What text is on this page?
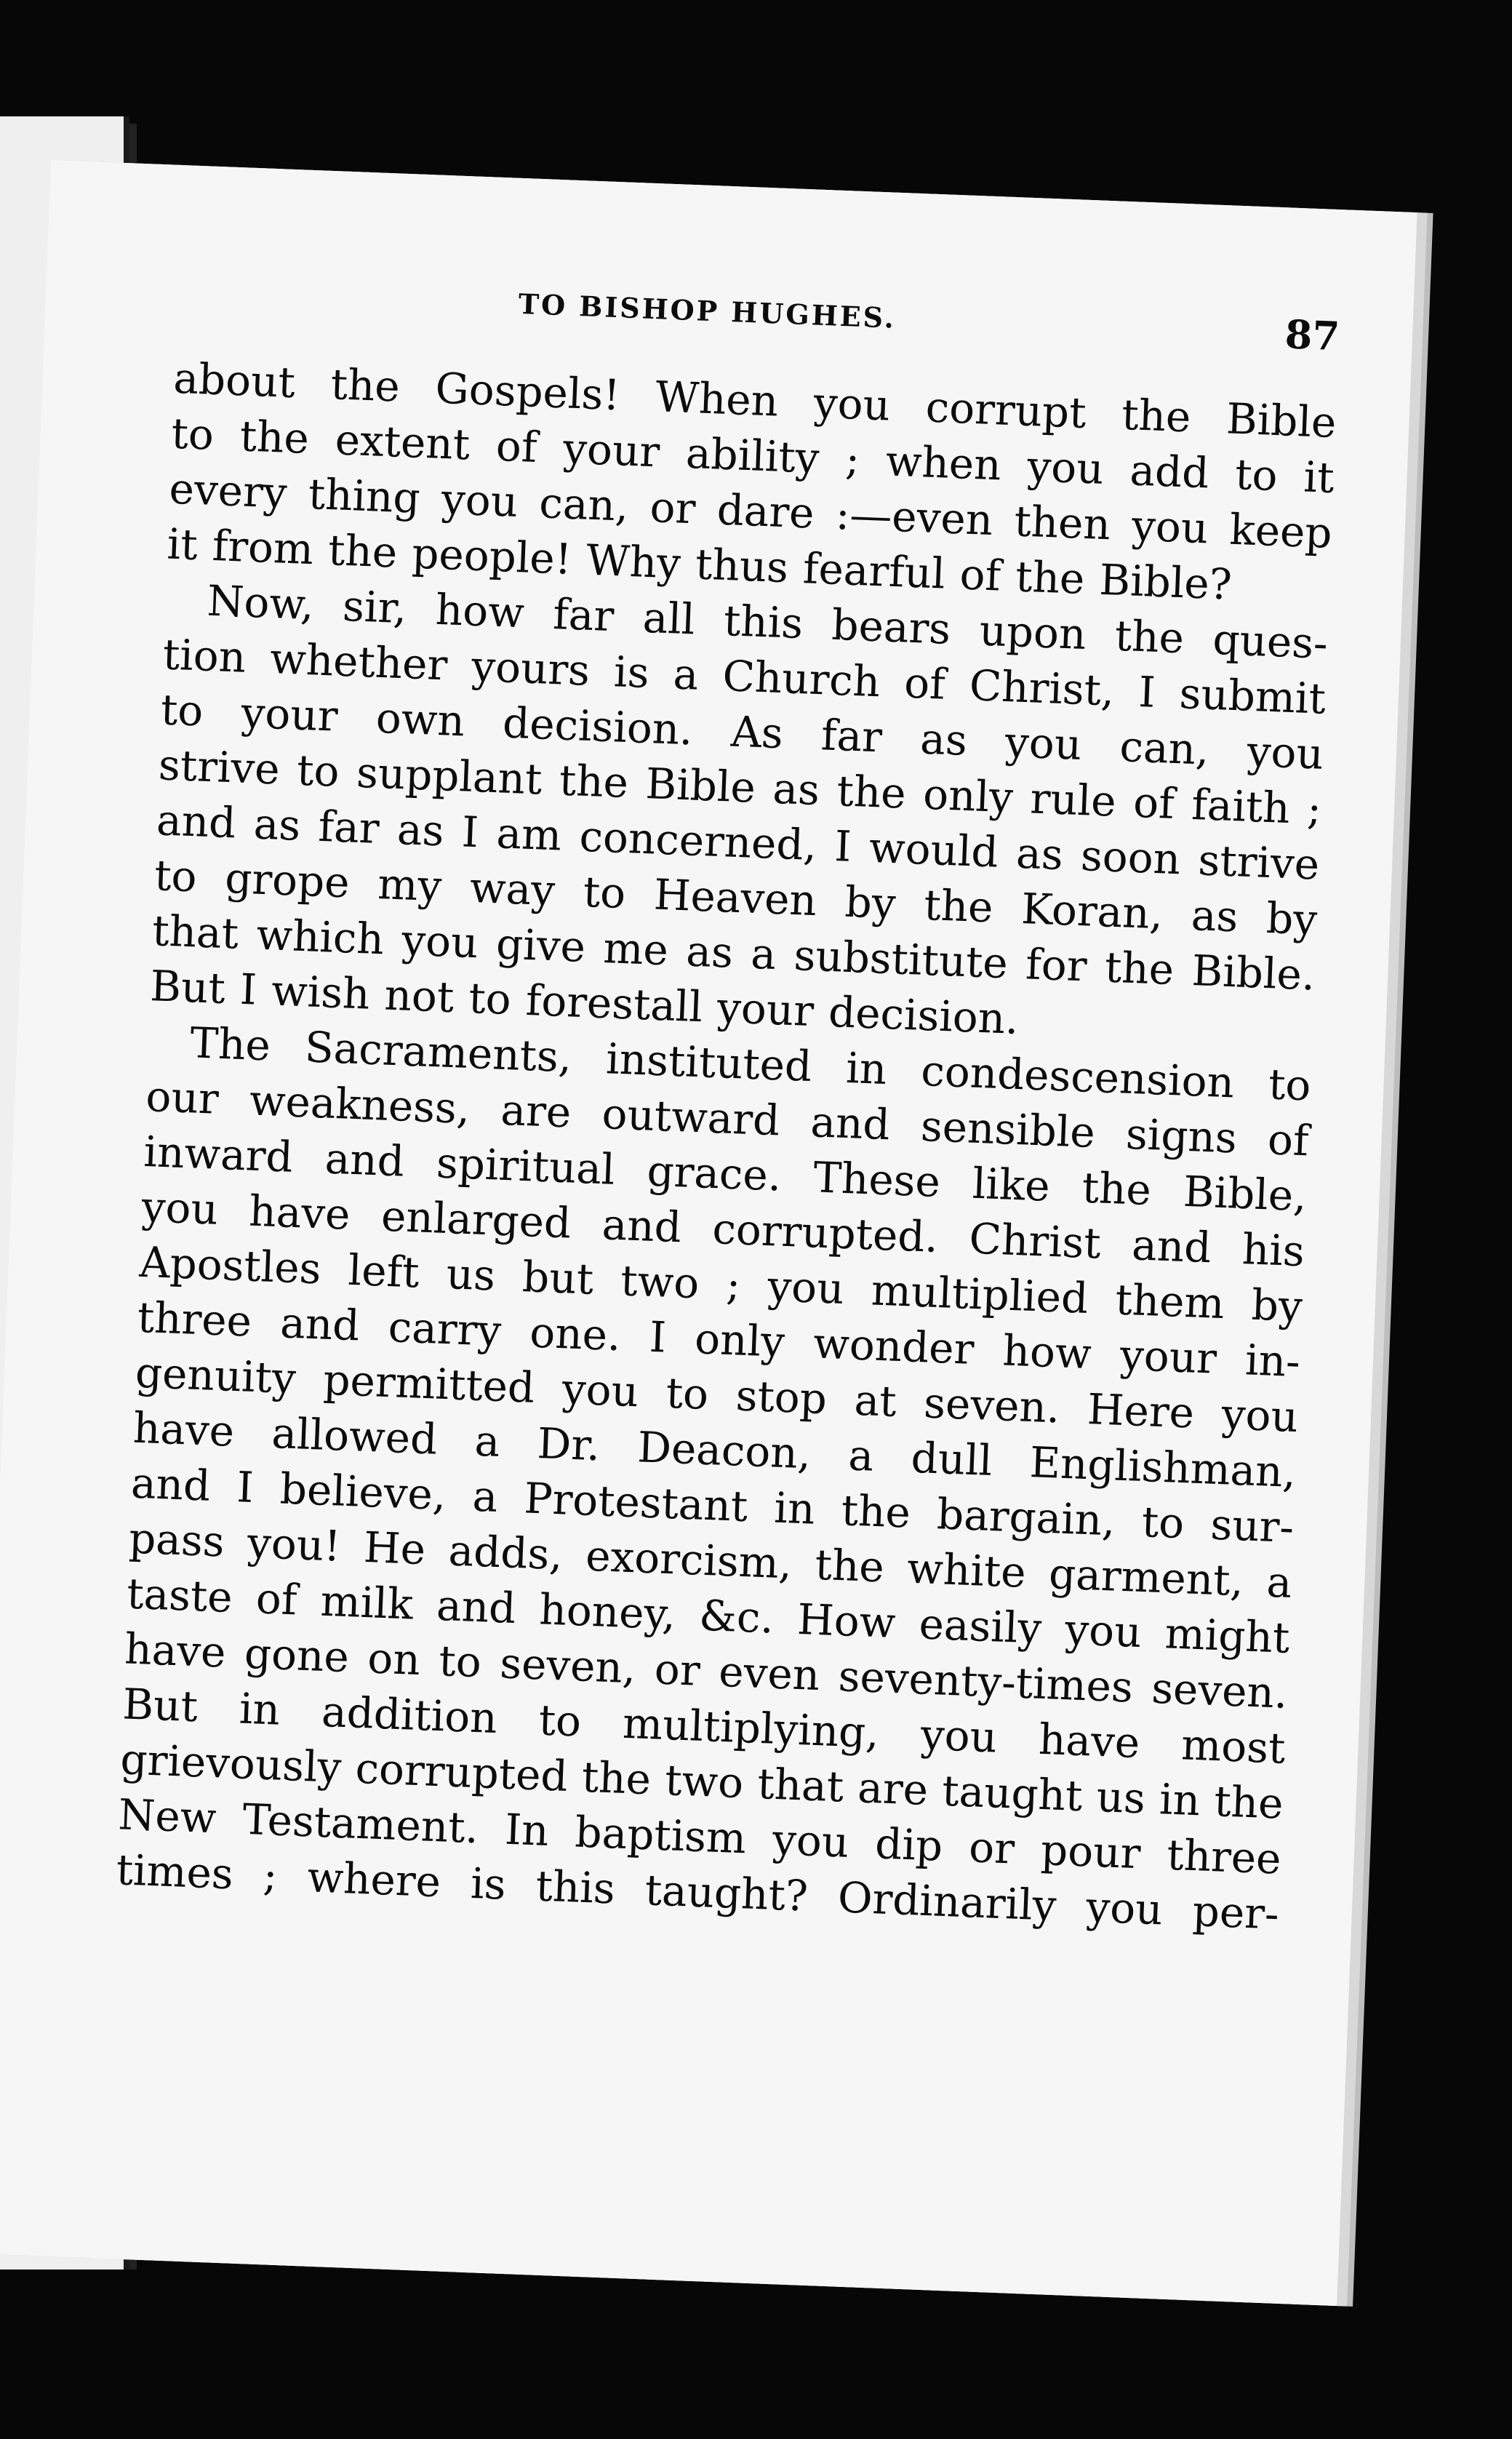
TO BISHOP HUGHES.
87
about the Gospels! When you corrupt the Bible
to the extent of your ability ; when you add to it
every thing you can, or dare :—even then you keep
it from the people! Why thus fearful of the Bible?
Now, sir, how far all this bears upon the ques-
tion whether yours is a Church of Christ, I submit
to your own decision. As far as you can, you
strive to supplant the Bible as the only rule of faith ;
and as far as I am concerned, I would as soon strive
to grope my way to Heaven by the Koran, as by
that which you give me as a substitute for the Bible.
But I wish not to forestall your decision.
The Sacraments, instituted in condescension to
our weakness, are outward and sensible signs of
inward and spiritual grace. These like the Bible,
you have enlarged and corrupted. Christ and his
Apostles left us but two ; you multiplied them by
three and carry one. I only wonder how your in-
genuity permitted you to stop at seven. Here you
have allowed a Dr. Deacon, a dull Englishman,
and I believe, a Protestant in the bargain, to sur-
pass you! He adds, exorcism, the white garment, a
taste of milk and honey, &c. How easily you might
have gone on to seven, or even seventy-times seven.
But in addition to multiplying, you have most
grievously corrupted the two that are taught us in the
New Testament. In baptism you dip or pour three
times ; where is this taught? Ordinarily you per-
